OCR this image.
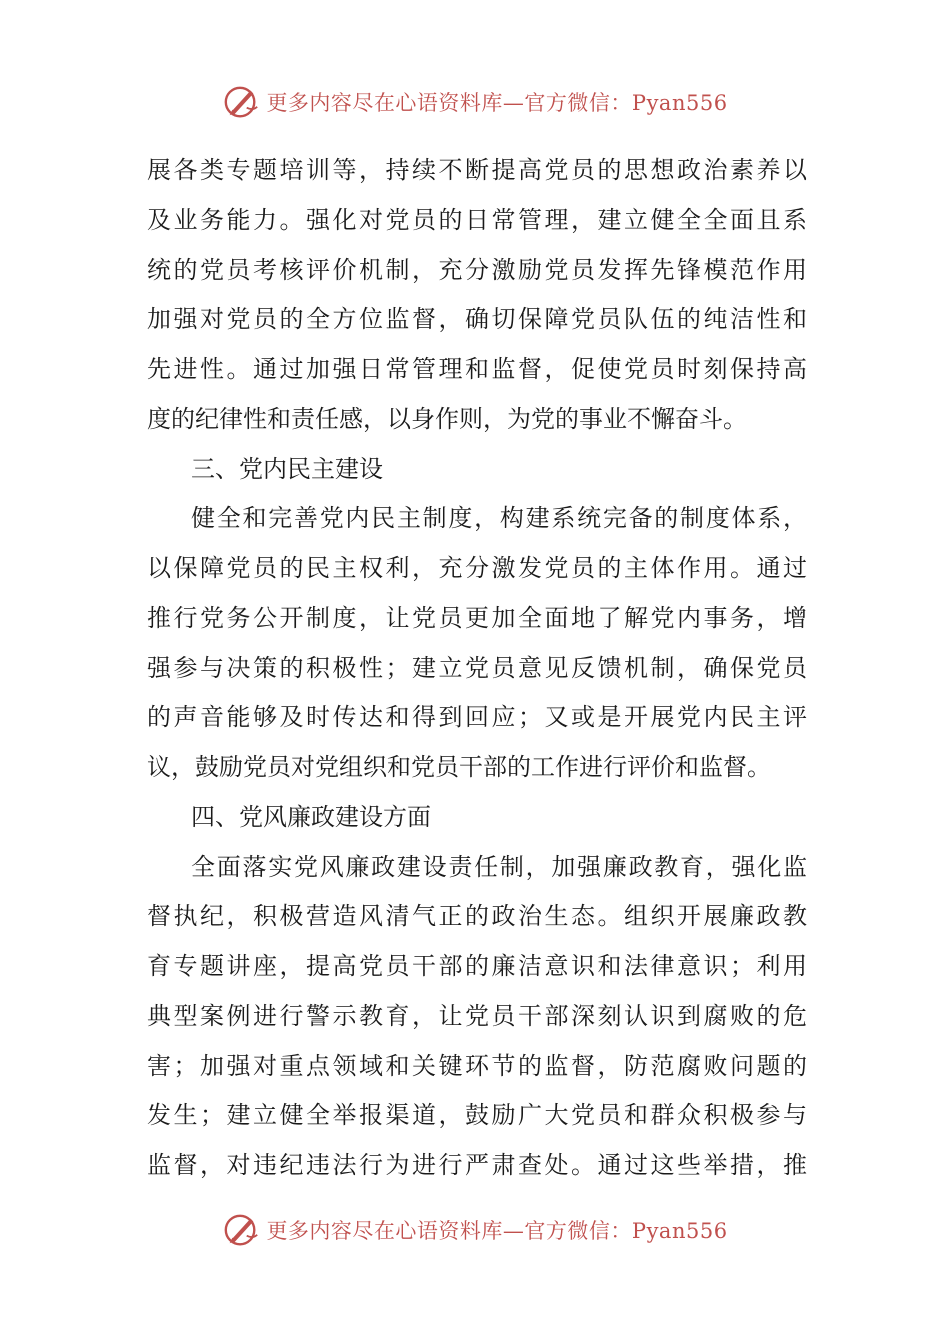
更多内容尽在心语资料库—官方微信：Pyan556
展各类专题培训等，持续不断提高党员的思想政治素养以
及业务能力。强化对党员的日常管理，建立健全全面且系
统的党员考核评价机制，充分激励党员发挥先锋模范作用
加强对党员的全方位监督，确切保障党员队伍的纯洁性和
先进性。通过加强日常管理和监督，促使党员时刻保持高
度的纪律性和责任感，以身作则，为党的事业不懈奋斗。
三、党内民主建设
健全和完善党内民主制度，构建系统完备的制度体系，
以保障党员的民主权利，充分激发党员的主体作用。通过
推行党务公开制度，让党员更加全面地了解党内事务，增
强参与决策的积极性；建立党员意见反馈机制，确保党员
的声音能够及时传达和得到回应；又或是开展党内民主评
议，鼓励党员对党组织和党员干部的工作进行评价和监督。
四、党风廉政建设方面
全面落实党风廉政建设责任制，加强廉政教育，强化监
督执纪，积极营造风清气正的政治生态。组织开展廉政教
育专题讲座，提高党员干部的廉洁意识和法律意识；利用
典型案例进行警示教育，让党员干部深刻认识到腐败的危
害；加强对重点领域和关键环节的监督，防范腐败问题的
发生；建立健全举报渠道，鼓励广大党员和群众积极参与
监督，对违纪违法行为进行严肃查处。通过这些举措，推
更多内容尽在心语资料库—官方微信：Pyan556
